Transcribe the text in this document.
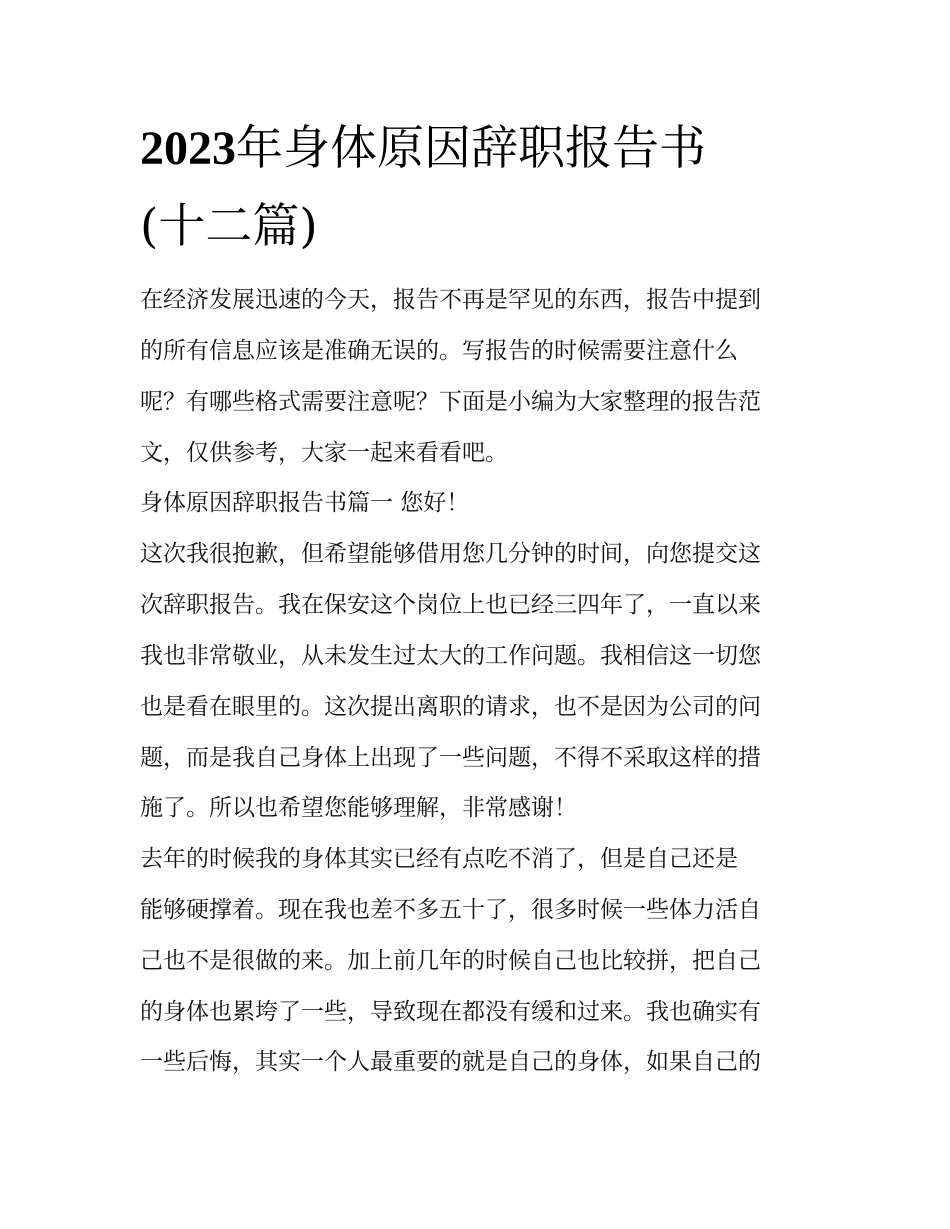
2023年身体原因辞职报告书
(十二篇)

在经济发展迅速的今天，报告不再是罕见的东西，报告中提到

的所有信息应该是准确无误的。写报告的时候需要注意什么

呢？有哪些格式需要注意呢？下面是小编为大家整理的报告范

文，仅供参考，大家一起来看看吧。

身体原因辞职报告书篇一 您好！

这次我很抱歉，但希望能够借用您几分钟的时间，向您提交这

次辞职报告。我在保安这个岗位上也已经三四年了，一直以来

我也非常敬业，从未发生过太大的工作问题。我相信这一切您

也是看在眼里的。这次提出离职的请求，也不是因为公司的问

题，而是我自己身体上出现了一些问题，不得不采取这样的措

施了。所以也希望您能够理解，非常感谢！

去年的时候我的身体其实已经有点吃不消了，但是自己还是

能够硬撑着。现在我也差不多五十了，很多时候一些体力活自

己也不是很做的来。加上前几年的时候自己也比较拼，把自己

的身体也累垮了一些，导致现在都没有缓和过来。我也确实有

一些后悔，其实一个人最重要的就是自己的身体，如果自己的
